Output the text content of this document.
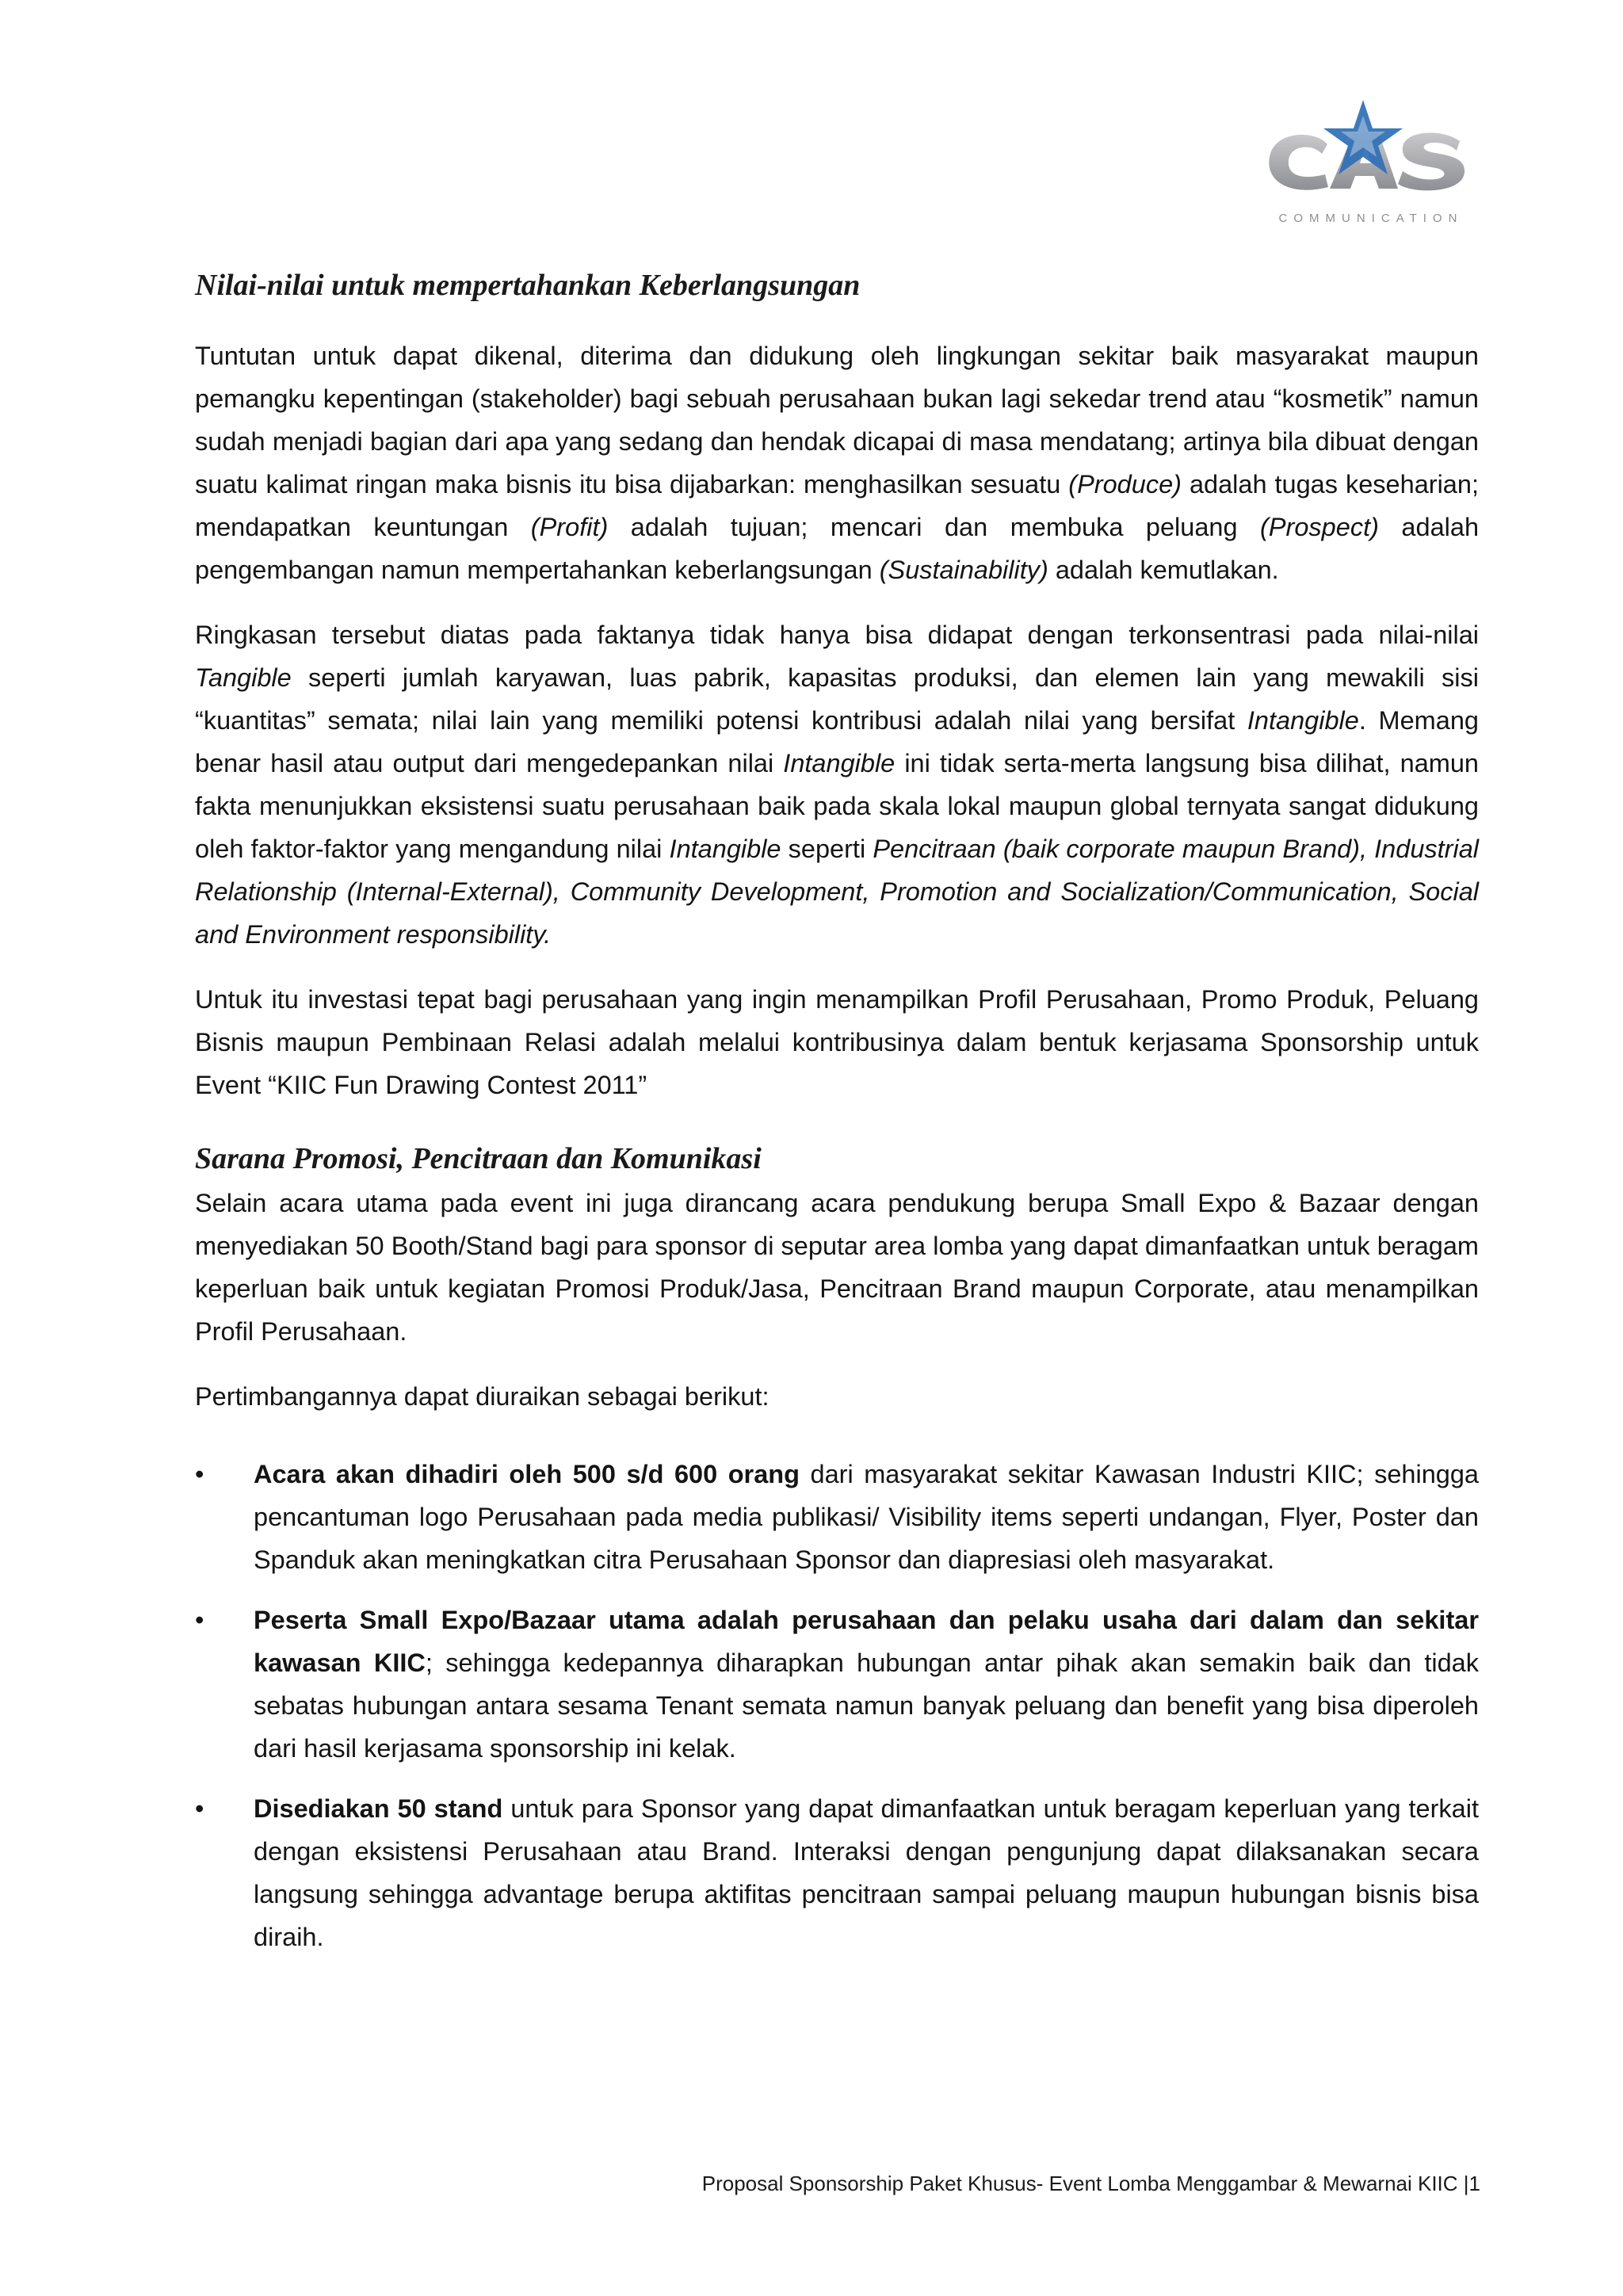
COMMUNICATION
Nilai-nilai untuk mempertahankan Keberlangsungan

Tuntutan untuk dapat dikenal, diterima dan didukung oleh lingkungan sekitar baik masyarakat maupun pemangku kepentingan (stakeholder) bagi sebuah perusahaan bukan lagi sekedar trend atau “kosmetik” namun sudah menjadi bagian dari apa yang sedang dan hendak dicapai di masa mendatang; artinya bila dibuat dengan suatu kalimat ringan maka bisnis itu bisa dijabarkan: menghasilkan sesuatu (Produce) adalah tugas keseharian; mendapatkan keuntungan (Profit) adalah tujuan; mencari dan membuka peluang (Prospect) adalah pengembangan namun mempertahankan keberlangsungan (Sustainability) adalah kemutlakan.

Ringkasan tersebut diatas pada faktanya tidak hanya bisa didapat dengan terkonsentrasi pada nilai-nilai Tangible seperti jumlah karyawan, luas pabrik, kapasitas produksi, dan elemen lain yang mewakili sisi “kuantitas” semata; nilai lain yang memiliki potensi kontribusi adalah nilai yang bersifat Intangible. Memang benar hasil atau output dari mengedepankan nilai Intangible ini tidak serta-merta langsung bisa dilihat, namun fakta menunjukkan eksistensi suatu perusahaan baik pada skala lokal maupun global ternyata sangat didukung oleh faktor-faktor yang mengandung nilai Intangible seperti Pencitraan (baik corporate maupun Brand), Industrial Relationship (Internal-External), Community Development, Promotion and Socialization/Communication, Social and Environment responsibility.

Untuk itu investasi tepat bagi perusahaan yang ingin menampilkan Profil Perusahaan, Promo Produk, Peluang Bisnis maupun Pembinaan Relasi adalah melalui kontribusinya dalam bentuk kerjasama Sponsorship untuk Event “KIIC Fun Drawing Contest 2011”

Sarana Promosi, Pencitraan dan Komunikasi

Selain acara utama pada event ini juga dirancang acara pendukung berupa Small Expo & Bazaar dengan menyediakan 50 Booth/Stand bagi para sponsor di seputar area lomba yang dapat dimanfaatkan untuk beragam keperluan baik untuk kegiatan Promosi Produk/Jasa, Pencitraan Brand maupun Corporate, atau menampilkan Profil Perusahaan.

Pertimbangannya dapat diuraikan sebagai berikut:

• Acara akan dihadiri oleh 500 s/d 600 orang dari masyarakat sekitar Kawasan Industri KIIC; sehingga pencantuman logo Perusahaan pada media publikasi/ Visibility items seperti undangan, Flyer, Poster dan Spanduk akan meningkatkan citra Perusahaan Sponsor dan diapresiasi oleh masyarakat.
• Peserta Small Expo/Bazaar utama adalah perusahaan dan pelaku usaha dari dalam dan sekitar kawasan KIIC; sehingga kedepannya diharapkan hubungan antar pihak akan semakin baik dan tidak sebatas hubungan antara sesama Tenant semata namun banyak peluang dan benefit yang bisa diperoleh dari hasil kerjasama sponsorship ini kelak.
• Disediakan 50 stand untuk para Sponsor yang dapat dimanfaatkan untuk beragam keperluan yang terkait dengan eksistensi Perusahaan atau Brand. Interaksi dengan pengunjung dapat dilaksanakan secara langsung sehingga advantage berupa aktifitas pencitraan sampai peluang maupun hubungan bisnis bisa diraih.
Proposal Sponsorship Paket Khusus- Event Lomba Menggambar & Mewarnai KIIC |1
